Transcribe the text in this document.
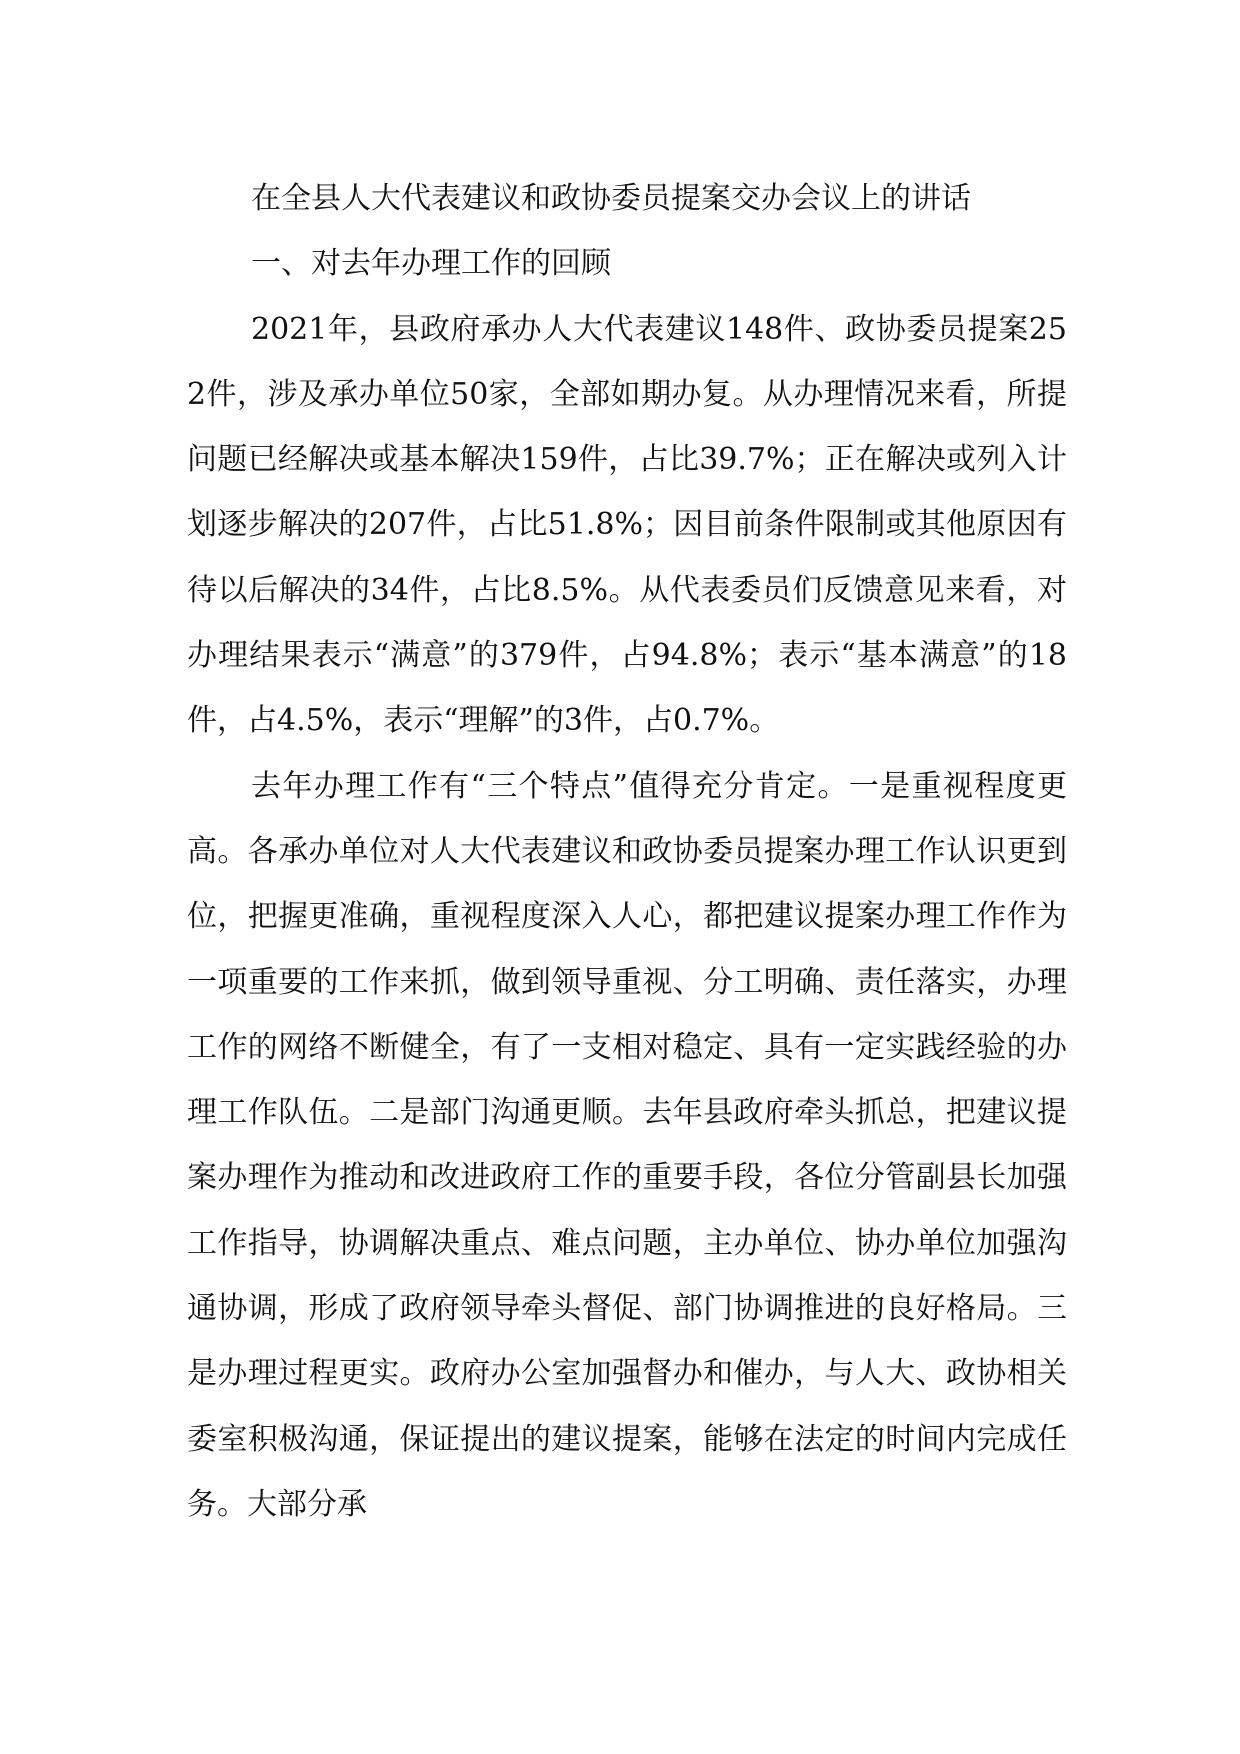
在全县人大代表建议和政协委员提案交办会议上的讲话

一、对去年办理工作的回顾

2021年，县政府承办人大代表建议148件、政协委员提案252件，涉及承办单位50家，全部如期办复。从办理情况来看，所提问题已经解决或基本解决159件，占比39.7%；正在解决或列入计划逐步解决的207件，占比51.8%；因目前条件限制或其他原因有待以后解决的34件，占比8.5%。从代表委员们反馈意见来看，对办理结果表示“满意”的379件，占94.8%；表示“基本满意”的18件，占4.5%，表示“理解”的3件，占0.7%。

去年办理工作有“三个特点”值得充分肯定。一是重视程度更高。各承办单位对人大代表建议和政协委员提案办理工作认识更到位，把握更准确，重视程度深入人心，都把建议提案办理工作作为一项重要的工作来抓，做到领导重视、分工明确、责任落实，办理工作的网络不断健全，有了一支相对稳定、具有一定实践经验的办理工作队伍。二是部门沟通更顺。去年县政府牵头抓总，把建议提案办理作为推动和改进政府工作的重要手段，各位分管副县长加强工作指导，协调解决重点、难点问题，主办单位、协办单位加强沟通协调，形成了政府领导牵头督促、部门协调推进的良好格局。三是办理过程更实。政府办公室加强督办和催办，与人大、政协相关委室积极沟通，保证提出的建议提案，能够在法定的时间内完成任务。大部分承
